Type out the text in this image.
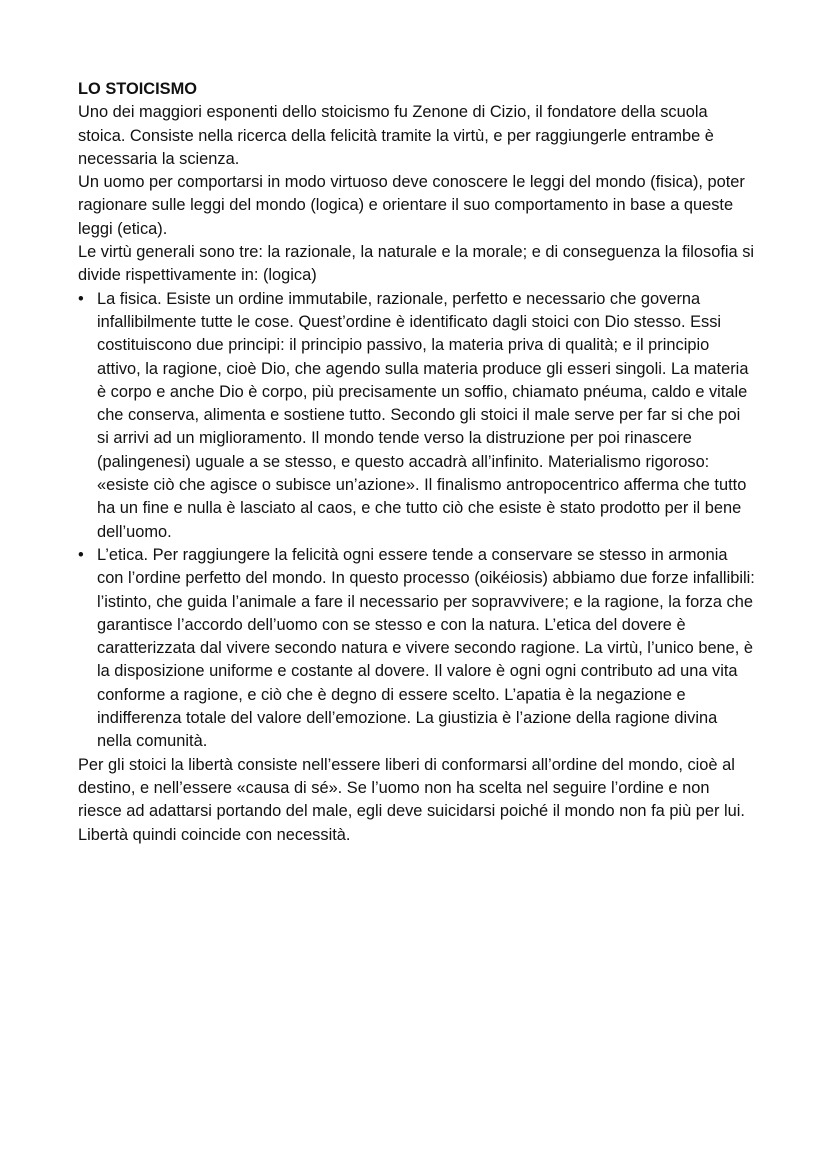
LO STOICISMO

Uno dei maggiori esponenti dello stoicismo fu Zenone di Cizio, il fondatore della scuola stoica. Consiste nella ricerca della felicità tramite la virtù, e per raggiungerle entrambe è necessaria la scienza.

Un uomo per comportarsi in modo virtuoso deve conoscere le leggi del mondo (fisica), poter ragionare sulle leggi del mondo (logica) e orientare il suo comportamento in base a queste leggi (etica).

Le virtù generali sono tre: la razionale, la naturale e la morale; e di conseguenza la filosofia si divide rispettivamente in: (logica)

• La fisica. Esiste un ordine immutabile, razionale, perfetto e necessario che governa infallibilmente tutte le cose. Quest’ordine è identificato dagli stoici con Dio stesso. Essi costituiscono due principi: il principio passivo, la materia priva di qualità; e il principio attivo, la ragione, cioè Dio, che agendo sulla materia produce gli esseri singoli. La materia è corpo e anche Dio è corpo, più precisamente un soffio, chiamato pnéuma, caldo e vitale che conserva, alimenta e sostiene tutto. Secondo gli stoici il male serve per far si che poi si arrivi ad un miglioramento. Il mondo tende verso la distruzione per poi rinascere (palingenesi) uguale a se stesso, e questo accadrà all’infinito. Materialismo rigoroso: «esiste ciò che agisce o subisce un’azione». Il finalismo antropocentrico afferma che tutto ha un fine e nulla è lasciato al caos, e che tutto ciò che esiste è stato prodotto per il bene dell’uomo.
• L’etica. Per raggiungere la felicità ogni essere tende a conservare se stesso in armonia con l’ordine perfetto del mondo. In questo processo (oikéiosis) abbiamo due forze infallibili: l’istinto, che guida l’animale a fare il necessario per sopravvivere; e la ragione, la forza che garantisce l’accordo dell’uomo con se stesso e con la natura. L’etica del dovere è caratterizzata dal vivere secondo natura e vivere secondo ragione. La virtù, l’unico bene, è la disposizione uniforme e costante al dovere. Il valore è ogni ogni contributo ad una vita conforme a ragione, e ciò che è degno di essere scelto. L’apatia è la negazione e indifferenza totale del valore dell’emozione. La giustizia è l’azione della ragione divina nella comunità.

Per gli stoici la libertà consiste nell’essere liberi di conformarsi all’ordine del mondo, cioè al destino, e nell’essere «causa di sé». Se l’uomo non ha scelta nel seguire l’ordine e non riesce ad adattarsi portando del male, egli deve suicidarsi poiché il mondo non fa più per lui. Libertà quindi coincide con necessità.
